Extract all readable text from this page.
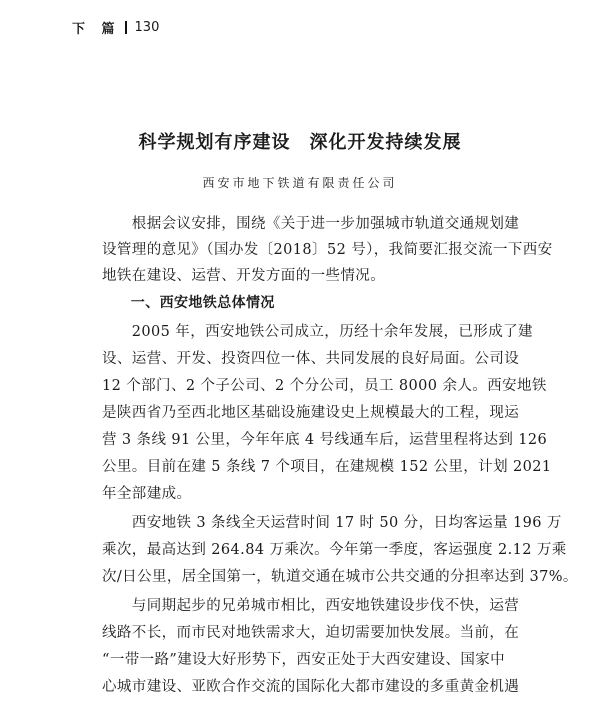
下 篇 130
科学规划有序建设　深化开发持续发展
西安市地下铁道有限责任公司
　　根据会议安排，围绕《关于进一步加强城市轨道交通规划建
设管理的意见》（国办发〔2018〕52 号），我简要汇报交流一下西安
地铁在建设、运营、开发方面的一些情况。
　　一、西安地铁总体情况
　　2005 年，西安地铁公司成立，历经十余年发展，已形成了建
设、运营、开发、投资四位一体、共同发展的良好局面。公司设
12 个部门、2 个子公司、2 个分公司，员工 8000 余人。西安地铁
是陕西省乃至西北地区基础设施建设史上规模最大的工程，现运
营 3 条线 91 公里，今年年底 4 号线通车后，运营里程将达到 126
公里。目前在建 5 条线 7 个项目，在建规模 152 公里，计划 2021
年全部建成。
　　西安地铁 3 条线全天运营时间 17 时 50 分，日均客运量 196 万
乘次，最高达到 264.84 万乘次。今年第一季度，客运强度 2.12 万乘
次/日公里，居全国第一，轨道交通在城市公共交通的分担率达到 37%。
　　与同期起步的兄弟城市相比，西安地铁建设步伐不快，运营
线路不长，而市民对地铁需求大，迫切需要加快发展。当前，在
“一带一路”建设大好形势下，西安正处于大西安建设、国家中
心城市建设、亚欧合作交流的国际化大都市建设的多重黄金机遇
